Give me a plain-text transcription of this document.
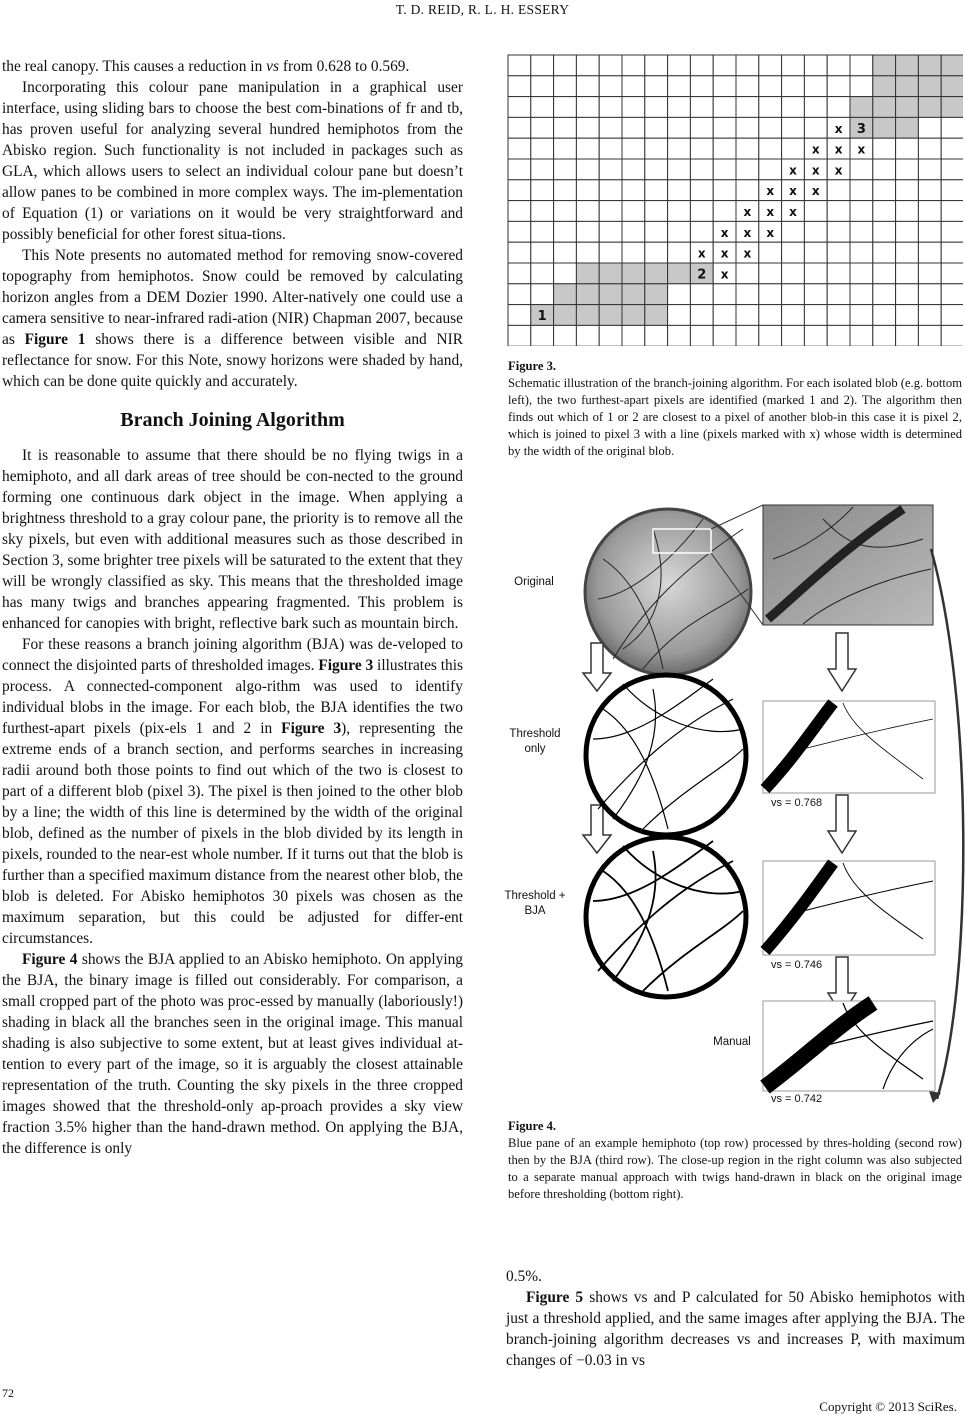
T. D. REID, R. L. H. ESSERY

the real canopy. This causes a reduction in vs from 0.628 to 0.569.

Incorporating this colour pane manipulation in a graphical user interface, using sliding bars to choose the best com-binations of fr and tb, has proven useful for analyzing several hundred hemiphotos from the Abisko region. Such functionality is not included in packages such as GLA, which allows users to select an individual colour pane but doesn’t allow panes to be combined in more complex ways. The im-plementation of Equation (1) or variations on it would be very straightforward and possibly beneficial for other forest situa-tions.

This Note presents no automated method for removing snow-covered topography from hemiphotos. Snow could be removed by calculating horizon angles from a DEM Dozier 1990. Alter-natively one could use a camera sensitive to near-infrared radi-ation (NIR) Chapman 2007, because as Figure 1 shows there is a difference between visible and NIR reflectance for snow. For this Note, snowy horizons were shaded by hand, which can be done quite quickly and accurately.

Branch Joining Algorithm

It is reasonable to assume that there should be no flying twigs in a hemiphoto, and all dark areas of tree should be con-nected to the ground forming one continuous dark object in the image. When applying a brightness threshold to a gray colour pane, the priority is to remove all the sky pixels, but even with additional measures such as those described in Section 3, some brighter tree pixels will be saturated to the extent that they will be wrongly classified as sky. This means that the thresholded image has many twigs and branches appearing fragmented. This problem is enhanced for canopies with bright, reflective bark such as mountain birch.

For these reasons a branch joining algorithm (BJA) was de-veloped to connect the disjointed parts of thresholded images. Figure 3 illustrates this process. A connected-component algo-rithm was used to identify individual blobs in the image. For each blob, the BJA identifies the two furthest-apart pixels (pix-els 1 and 2 in Figure 3), representing the extreme ends of a branch section, and performs searches in increasing radii around both those points to find out which of the two is closest to part of a different blob (pixel 3). The pixel is then joined to the other blob by a line; the width of this line is determined by the width of the original blob, defined as the number of pixels in the blob divided by its length in pixels, rounded to the near-est whole number. If it turns out that the blob is further than a specified maximum distance from the nearest other blob, the blob is deleted. For Abisko hemiphotos 30 pixels was chosen as the maximum separation, but this could be adjusted for differ-ent circumstances.

Figure 4 shows the BJA applied to an Abisko hemiphoto. On applying the BJA, the binary image is filled out considerably. For comparison, a small cropped part of the photo was proc-essed by manually (laboriously!) shading in black all the branches seen in the original image. This manual shading is also subjective to some extent, but at least gives individual at-tention to every part of the image, so it is arguably the closest attainable representation of the truth. Counting the sky pixels in the three cropped images showed that the threshold-only ap-proach provides a sky view fraction 3.5% higher than the hand-drawn method. On applying the BJA, the difference is only

x 3
x x x
x x x
x x x
x x x
x x x
x x x
2 x
1
Figure 3.
Schematic illustration of the branch-joining algorithm. For each isolated blob (e.g. bottom left), the two furthest-apart pixels are identified (marked 1 and 2). The algorithm then finds out which of 1 or 2 are closest to a pixel of another blob-in this case it is pixel 2, which is joined to pixel 3 with a line (pixels marked with x) whose width is determined by the width of the original blob.
Original
Threshold only
Threshold + BJA
Manual
vs = 0.768
vs = 0.746
vs = 0.742
Figure 4.
Blue pane of an example hemiphoto (top row) processed by thres-holding (second row) then by the BJA (third row). The close-up region in the right column was also subjected to a separate manual approach with twigs hand-drawn in black on the original image before thresholding (bottom right).

0.5%.

Figure 5 shows vs and P calculated for 50 Abisko hemiphotos with just a threshold applied, and the same images after applying the BJA. The branch-joining algorithm decreases vs and increases P, with maximum changes of −0.03 in vs

72
Copyright © 2013 SciRes.
